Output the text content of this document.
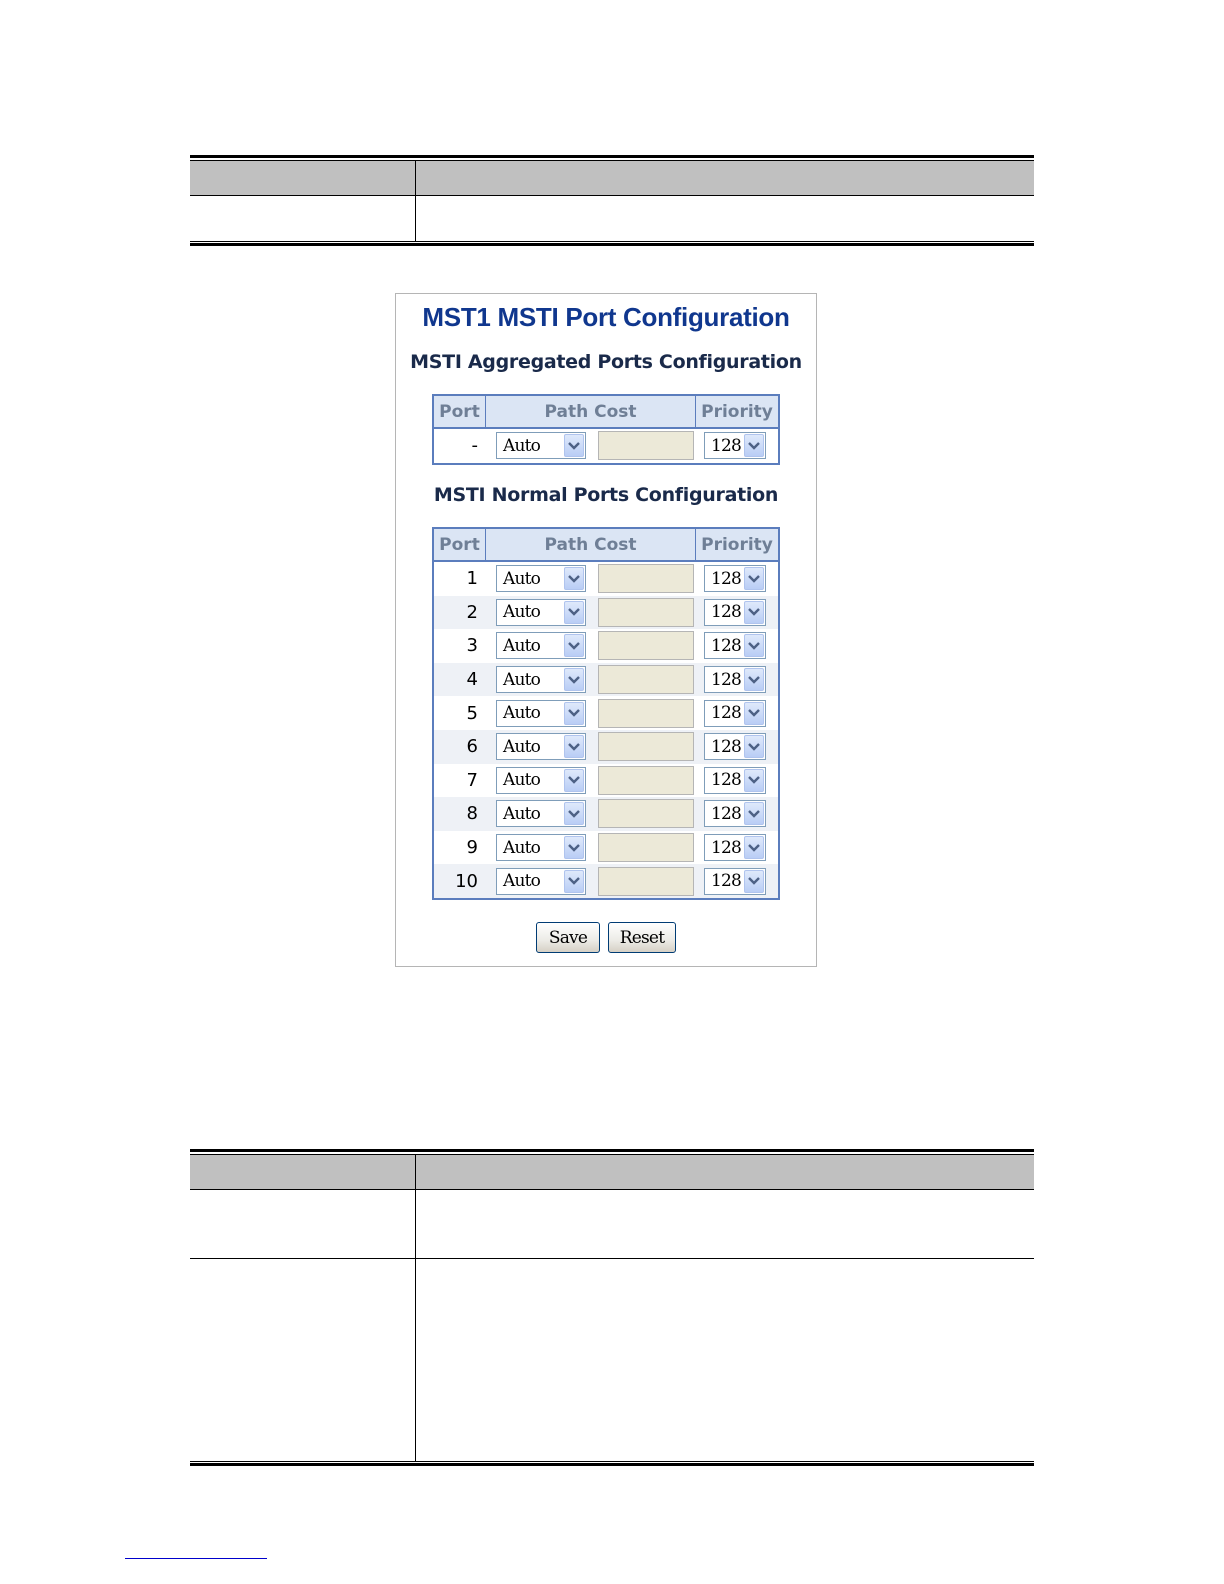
MST1 MSTI Port Configuration
MSTI Aggregated Ports Configuration
Port	Path Cost	Priority
-	Auto	128
MSTI Normal Ports Configuration
Port	Path Cost	Priority
1	Auto	128
2	Auto	128
3	Auto	128
4	Auto	128
5	Auto	128
6	Auto	128
7	Auto	128
8	Auto	128
9	Auto	128
10	Auto	128
Save	Reset
